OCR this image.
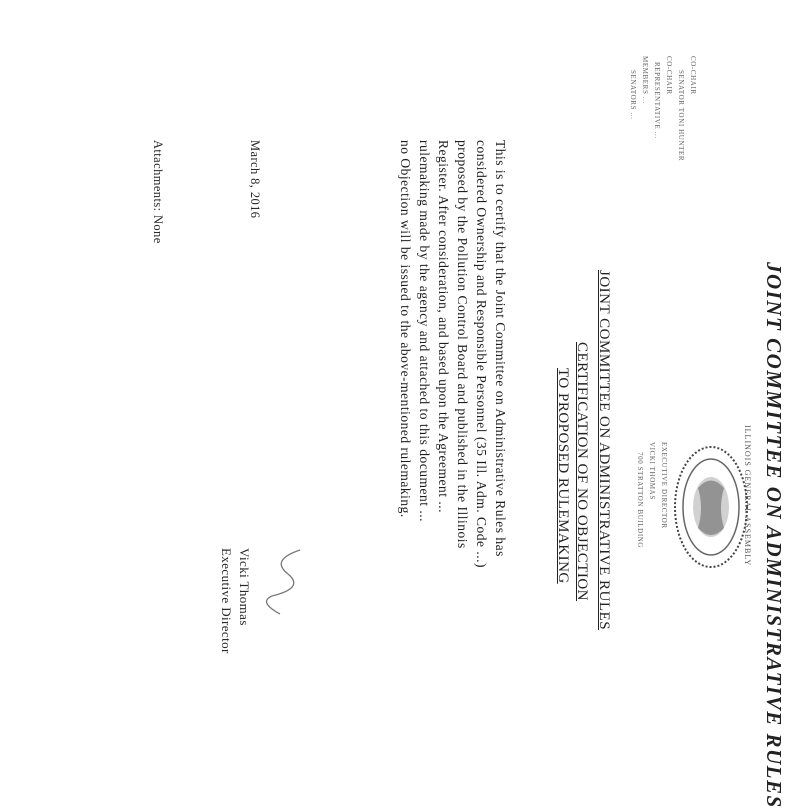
JOINT COMMITTEE ON ADMINISTRATIVE RULES
ILLINOIS GENERAL ASSEMBLY
CO-CHAIR
SENATOR TONI HUNTER
CO-CHAIR
REPRESENTATIVE ...
MEMBERS ...
SENATORS ...
EXECUTIVE DIRECTOR
VICKI THOMAS
700 STRATTON BUILDING
JOINT COMMITTEE ON ADMINISTRATIVE RULES
CERTIFICATION OF NO OBJECTION
TO PROPOSED RULEMAKING
This is to certify that the Joint Committee on Administrative Rules has
considered Ownership and Responsible Personnel (35 Ill. Adm. Code ...)
proposed by the Pollution Control Board and published in the Illinois
Register. After consideration, and based upon the Agreement ...
rulemaking made by the agency and attached to this document ...
no Objection will be issued to the above-mentioned rulemaking.
Vicki Thomas
Executive Director
March 8, 2016
Attachments: None
